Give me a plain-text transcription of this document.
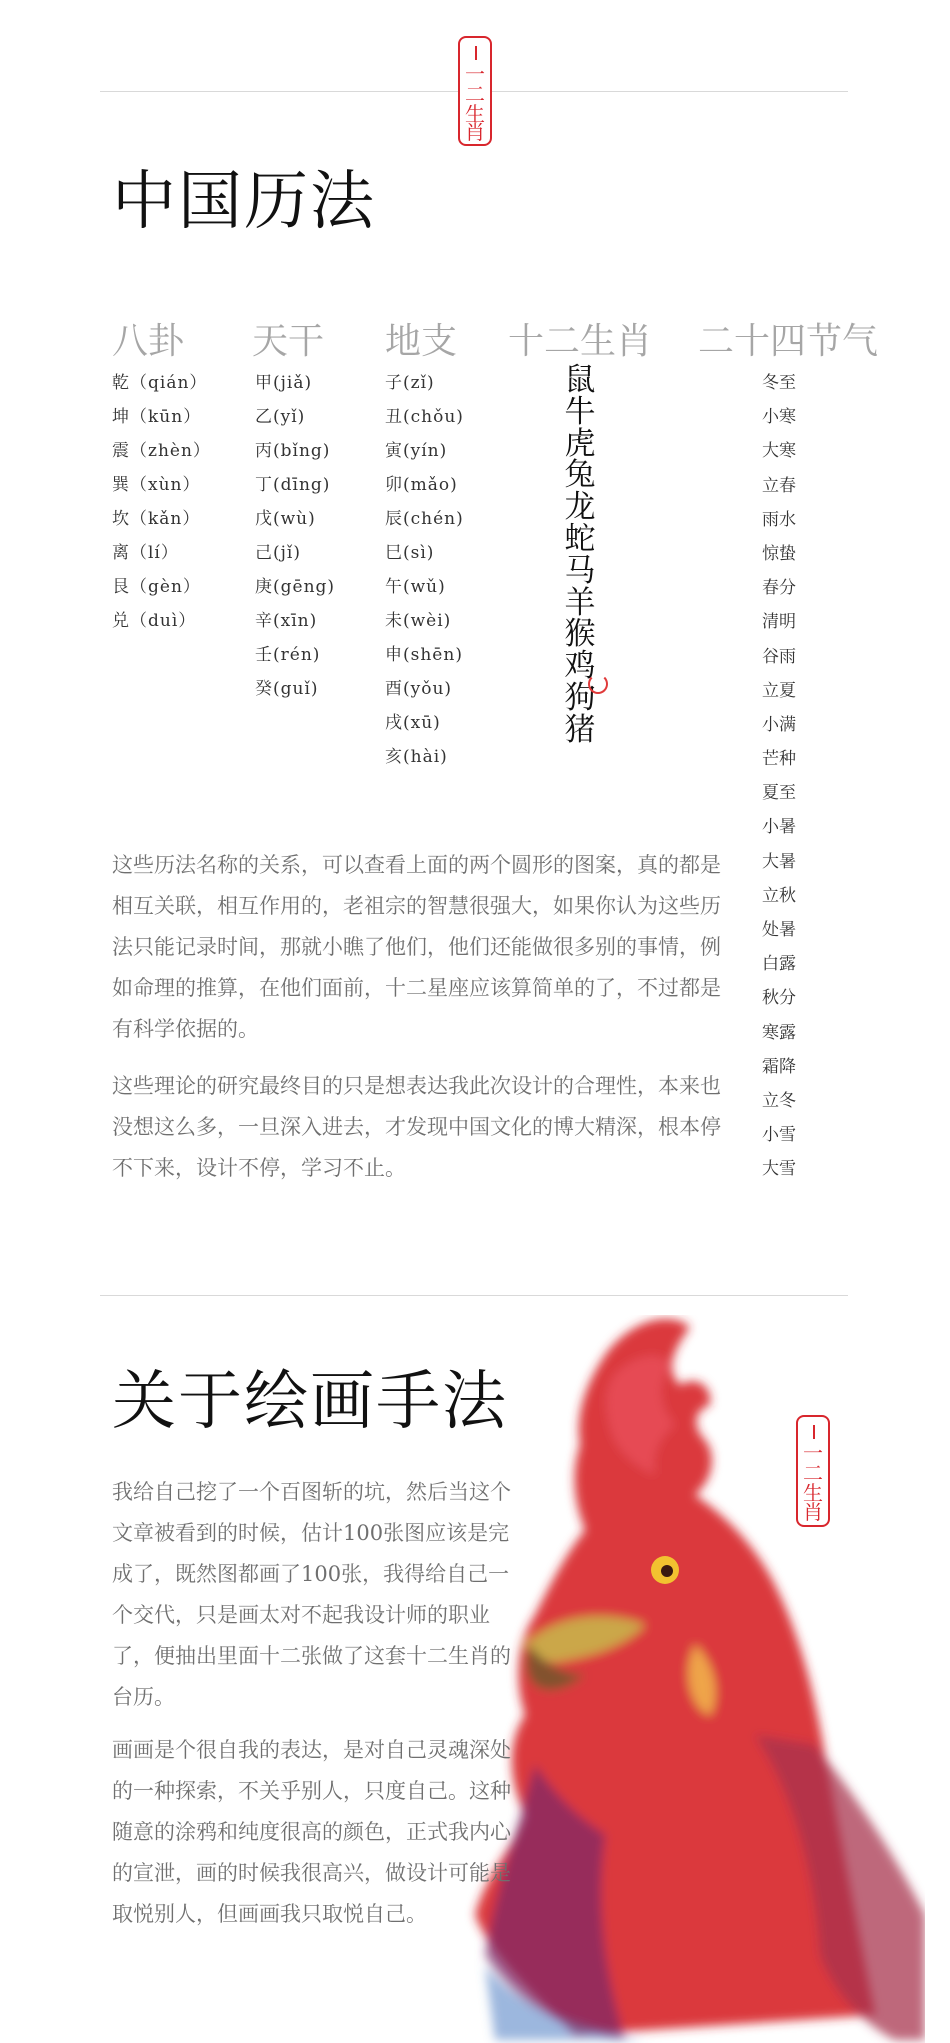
一
二
生
肖
中国历法
八卦 天干 地支 十二生肖 二十四节气
乾（qián）
坤（kūn）
震（zhèn）
巽（xùn）
坎（kǎn）
离（lí）
艮（gèn）
兑（duì）
甲(jiǎ)
乙(yǐ)
丙(bǐng)
丁(dīng)
戊(wù)
己(jǐ)
庚(gēng)
辛(xīn)
壬(rén)
癸(guǐ)
子(zǐ)
丑(chǒu)
寅(yín)
卯(mǎo)
辰(chén)
巳(sì)
午(wǔ)
未(wèi)
申(shēn)
酉(yǒu)
戌(xū)
亥(hài)
鼠
牛
虎
兔
龙
蛇
马
羊
猴
鸡
狗
猪
冬至
小寒
大寒
立春
雨水
惊蛰
春分
清明
谷雨
立夏
小满
芒种
夏至
小暑
大暑
立秋
处暑
白露
秋分
寒露
霜降
立冬
小雪
大雪

这些历法名称的关系，可以查看上面的两个圆形的图案，真的都是相互关联，相互作用的，老祖宗的智慧很强大，如果你认为这些历法只能记录时间，那就小瞧了他们，他们还能做很多别的事情，例如命理的推算，在他们面前，十二星座应该算简单的了，不过都是有科学依据的。

这些理论的研究最终目的只是想表达我此次设计的合理性，本来也没想这么多，一旦深入进去，才发现中国文化的博大精深，根本停不下来，设计不停，学习不止。

关于绘画手法
一
二
生
肖

我给自己挖了一个百图斩的坑，然后当这个文章被看到的时候，估计100张图应该是完成了，既然图都画了100张，我得给自己一个交代，只是画太对不起我设计师的职业了，便抽出里面十二张做了这套十二生肖的台历。

画画是个很自我的表达，是对自己灵魂深处的一种探索，不关乎别人，只度自己。这种随意的涂鸦和纯度很高的颜色，正式我内心的宣泄，画的时候我很高兴，做设计可能是取悦别人，但画画我只取悦自己。
